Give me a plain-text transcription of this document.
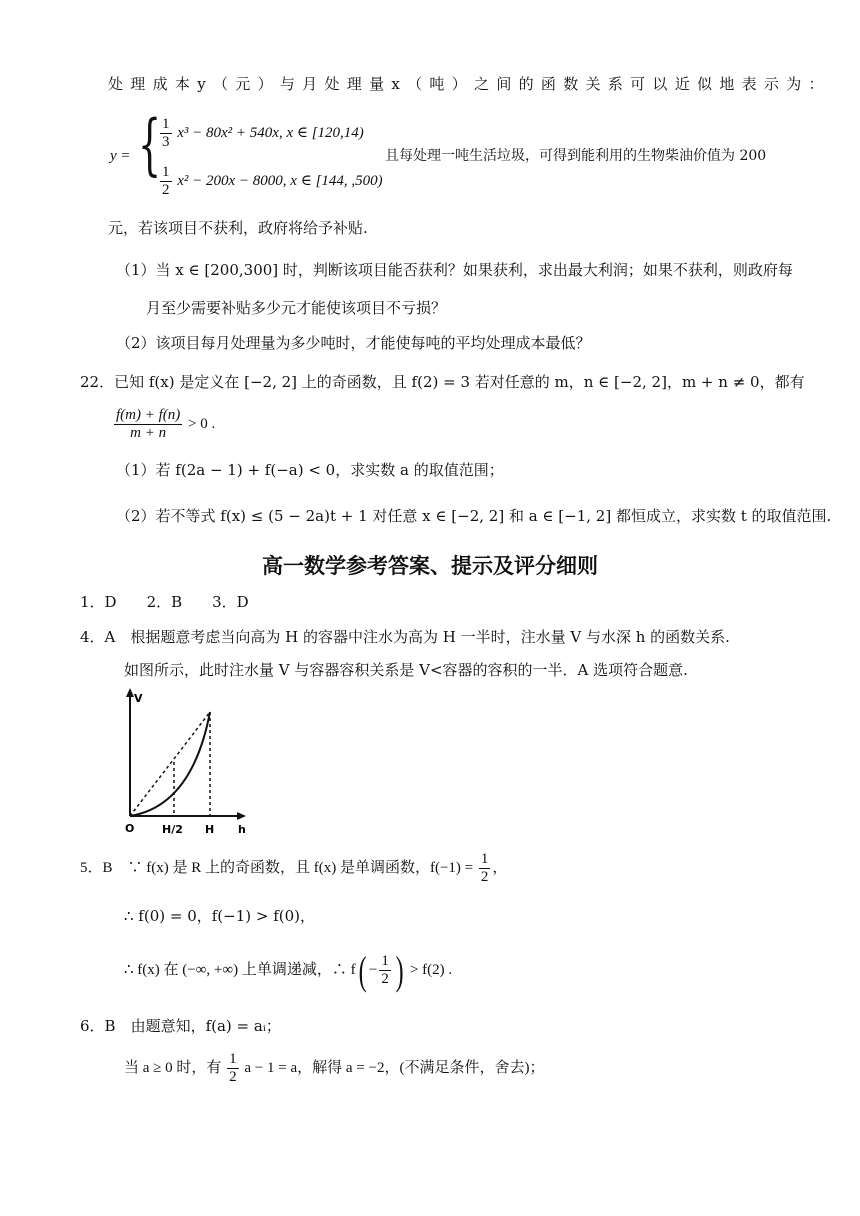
处理成本y（元）与月处理量x（吨）之间的函数关系可以近似地表示为：
y = {
$\frac{1}{3} x^3 - 80x^2 + 540x$, x ∈ [120,14)
$\frac{1}{2} x^2 - 200x - 8000$, x ∈ [144, ,500)
且每处理一吨生活垃圾，可得到能利用的生物柴油价值为 200
元，若该项目不获利，政府将给予补贴.
（1）当 x ∈ [200,300] 时，判断该项目能否获利？如果获利，求出最大利润；如果不获利，则政府每
月至少需要补贴多少元才能使该项目不亏损？
（2）该项目每月处理量为多少吨时，才能使每吨的平均处理成本最低？
22．已知 f(x) 是定义在 [−2, 2] 上的奇函数，且 f(2) = 3 若对任意的 m，n ∈ [−2, 2]，m + n ≠ 0，都有
$\frac{f(m) + f(n)}{m + n} > 0$ .
（1）若 f(2a − 1) + f(−a) < 0，求实数 a 的取值范围；
（2）若不等式 f(x) ≤ (5 − 2a)t + 1 对任意 x ∈ [−2, 2] 和 a ∈ [−1, 2] 都恒成立，求实数 t 的取值范围.
高一数学参考答案、提示及评分细则
1．D　　2．B　　3．D
4．A　根据题意考虑当向高为 H 的容器中注水为高为 H 一半时，注水量 V 与水深 h 的函数关系.
如图所示，此时注水量 V 与容器容积关系是 V<容器的容积的一半．A 选项符合题意.
V
O	H/2 H h
5．B　∵ f(x) 是 R 上的奇函数，且 f(x) 是单调函数，$f(-1) = \frac{1}{2}$ ，
∴ f(0) = 0，f(−1) > f(0)，
∴ f(x) 在 (−∞, +∞) 上单调递减，∴ $f( - \frac{1}{2}$ ) > f(2) .
6．B　由题意知，f(a) = aᵢ；
当 a ≥ 0 时，有 $\frac{1}{2}$ a − 1 = a，解得 a = −2，(不满足条件，舍去)；
